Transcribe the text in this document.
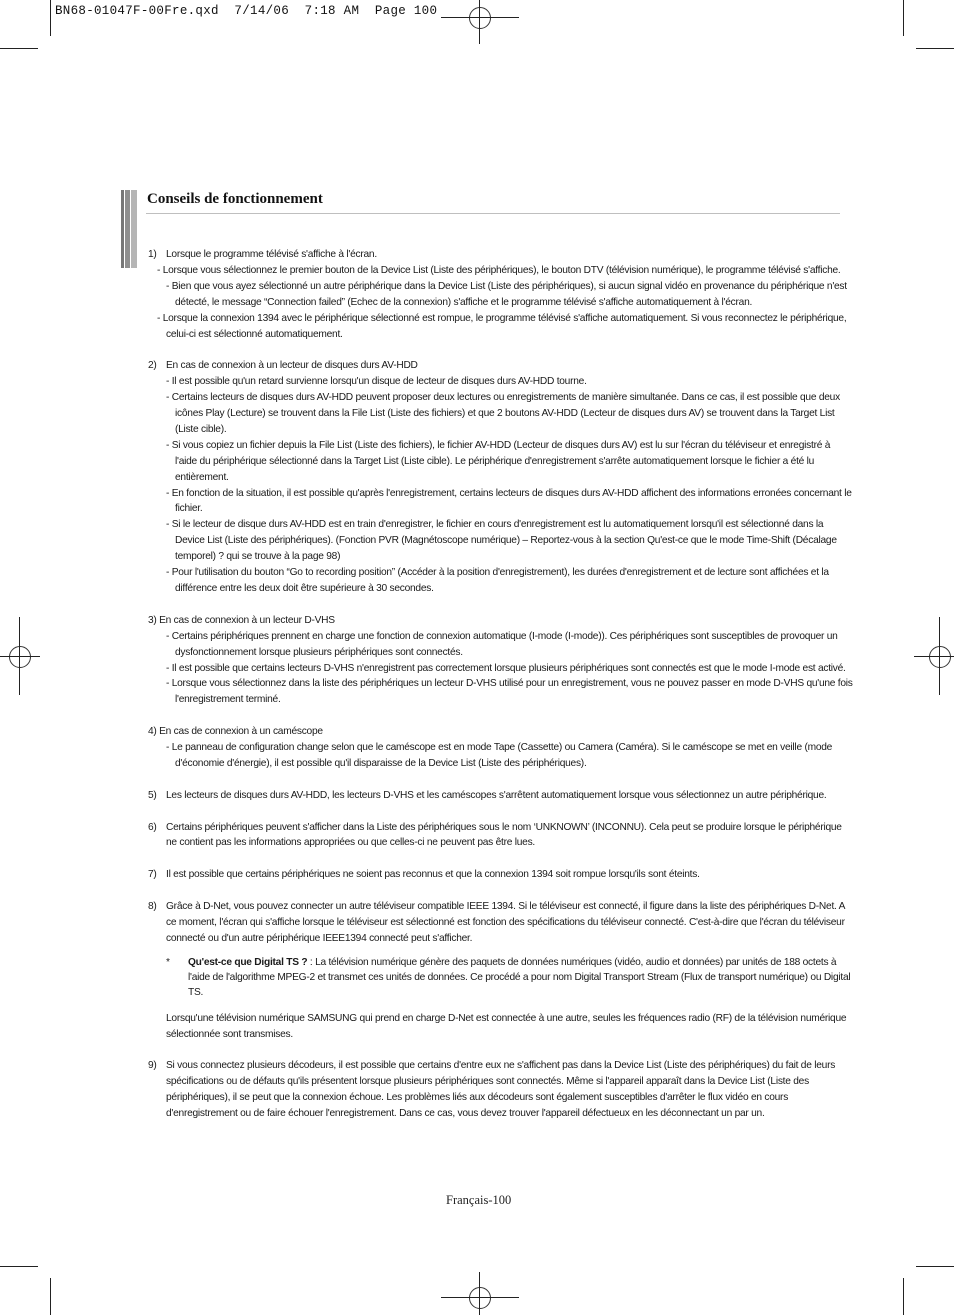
BN68-01047F-00Fre.qxd  7/14/06  7:18 AM  Page 100
Conseils de fonctionnement
1) Lorsque le programme télévisé s'affiche à l'écran.
- Lorsque vous sélectionnez le premier bouton de la Device List (Liste des périphériques), le bouton DTV (télévision numérique), le programme télévisé s'affiche.
- Bien que vous ayez sélectionné un autre périphérique dans la Device List (Liste des périphériques), si aucun signal vidéo en provenance du périphérique n'est détecté, le message “Connection failed” (Echec de la connexion) s'affiche et le programme télévisé s'affiche automatiquement à l'écran.
- Lorsque la connexion 1394 avec le périphérique sélectionné est rompue, le programme télévisé s'affiche automatiquement. Si vous reconnectez le périphérique, celui-ci est sélectionné automatiquement.
2) En cas de connexion à un lecteur de disques durs AV-HDD
- Il est possible qu'un retard survienne lorsqu'un disque de lecteur de disques durs AV-HDD tourne.
- Certains lecteurs de disques durs AV-HDD peuvent proposer deux lectures ou enregistrements de manière simultanée. Dans ce cas, il est possible que deux icônes Play (Lecture) se trouvent dans la File List (Liste des fichiers) et que 2 boutons AV-HDD (Lecteur de disques durs AV) se trouvent dans la Target List (Liste cible).
- Si vous copiez un fichier depuis la File List (Liste des fichiers), le fichier AV-HDD (Lecteur de disques durs AV) est lu sur l'écran du téléviseur et enregistré à l'aide du périphérique sélectionné dans la Target List (Liste cible). Le périphérique d'enregistrement s'arrête automatiquement lorsque le fichier a été lu entièrement.
- En fonction de la situation, il est possible qu'après l'enregistrement, certains lecteurs de disques durs AV-HDD affichent des informations erronées concernant le fichier.
- Si le lecteur de disque durs AV-HDD est en train d'enregistrer, le fichier en cours d'enregistrement est lu automatiquement lorsqu'il est sélectionné dans la Device List (Liste des périphériques). (Fonction PVR (Magnétoscope numérique) – Reportez-vous à la section Qu'est-ce que le mode Time-Shift (Décalage temporel) ? qui se trouve à la page 98)
- Pour l'utilisation du bouton “Go to recording position” (Accéder à la position d'enregistrement), les durées d'enregistrement et de lecture sont affichées et la différence entre les deux doit être supérieure à 30 secondes.
3) En cas de connexion à un lecteur D-VHS
- Certains périphériques prennent en charge une fonction de connexion automatique (I-mode (I-mode)). Ces périphériques sont susceptibles de provoquer un dysfonctionnement lorsque plusieurs périphériques sont connectés.
- Il est possible que certains lecteurs D-VHS n'enregistrent pas correctement lorsque plusieurs périphériques sont connectés est que le mode I-mode est activé.
- Lorsque vous sélectionnez dans la liste des périphériques un lecteur D-VHS utilisé pour un enregistrement, vous ne pouvez passer en mode D-VHS qu'une fois l'enregistrement terminé.
4) En cas de connexion à un caméscope
- Le panneau de configuration change selon que le caméscope est en mode Tape (Cassette) ou Camera (Caméra). Si le caméscope se met en veille (mode d'économie d'énergie), il est possible qu'il disparaisse de la Device List (Liste des périphériques).
5) Les lecteurs de disques durs AV-HDD, les lecteurs D-VHS et les caméscopes s'arrêtent automatiquement lorsque vous sélectionnez un autre périphérique.
6) Certains périphériques peuvent s'afficher dans la Liste des périphériques sous le nom ‘UNKNOWN’ (INCONNU). Cela peut se produire lorsque le périphérique ne contient pas les informations appropriées ou que celles-ci ne peuvent pas être lues.
7) Il est possible que certains périphériques ne soient pas reconnus et que la connexion 1394 soit rompue lorsqu'ils sont éteints.
8) Grâce à D-Net, vous pouvez connecter un autre téléviseur compatible IEEE 1394. Si le téléviseur est connecté, il figure dans la liste des périphériques D-Net. A ce moment, l'écran qui s'affiche lorsque le téléviseur est sélectionné est fonction des spécifications du téléviseur connecté. C'est-à-dire que l'écran du téléviseur connecté ou d'un autre périphérique IEEE1394 connecté peut s'afficher.
* Qu'est-ce que Digital TS ? : La télévision numérique génère des paquets de données numériques (vidéo, audio et données) par unités de 188 octets à l'aide de l'algorithme MPEG-2 et transmet ces unités de données. Ce procédé a pour nom Digital Transport Stream (Flux de transport numérique) ou Digital TS.
Lorsqu'une télévision numérique SAMSUNG qui prend en charge D-Net est connectée à une autre, seules les fréquences radio (RF) de la télévision numérique sélectionnée sont transmises.
9) Si vous connectez plusieurs décodeurs, il est possible que certains d'entre eux ne s'affichent pas dans la Device List (Liste des périphériques) du fait de leurs spécifications ou de défauts qu'ils présentent lorsque plusieurs périphériques sont connectés. Même si l'appareil apparaît dans la Device List (Liste des périphériques), il se peut que la connexion échoue. Les problèmes liés aux décodeurs sont également susceptibles d'arrêter le flux vidéo en cours d'enregistrement ou de faire échouer l'enregistrement. Dans ce cas, vous devez trouver l'appareil défectueux en les déconnectant un par un.
Français-100
